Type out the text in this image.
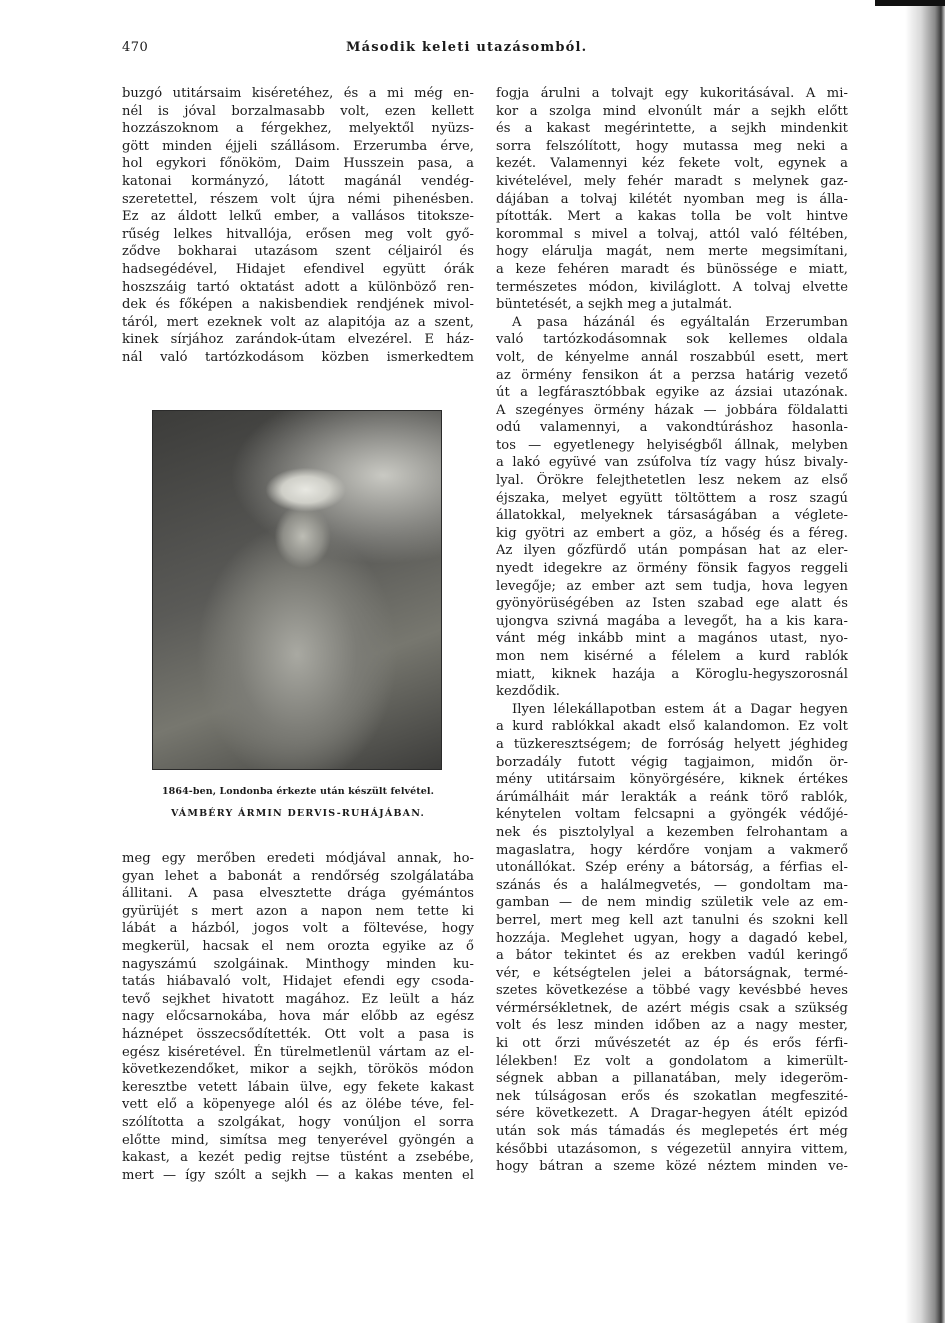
470	Második keleti utazásomból.
buzgó utitársaim kiséretéhez, és a mi még en-
nél is jóval borzalmasabb volt, ezen kellett
hozzászoknom a férgekhez, melyektől nyüzs-
gött minden éjjeli szállásom. Erzerumba érve,
hol egykori főnököm, Daim Husszein pasa, a
katonai kormányzó, látott magánál vendég-
szeretettel, részem volt újra némi pihenésben.
Ez az áldott lelkű ember, a vallásos titoksze-
rűség lelkes hitvallója, erősen meg volt győ-
ződve bokharai utazásom szent céljairól és
hadsegédével, Hidajet efendivel együtt órák
hoszszáig tartó oktatást adott a különböző ren-
dek és főképen a nakisbendiek rendjének mivol-
táról, mert ezeknek volt az alapitója az a szent,
kinek sírjához zarándok-útam elvezérel. E ház-
nál való tartózkodásom közben ismerkedtem
1864-ben, Londonba érkezte után készült felvétel.
VÁMBÉRY ÁRMIN DERVIS-RUHÁJÁBAN.
meg egy merőben eredeti módjával annak, ho-
gyan lehet a babonát a rendőrség szolgálatába
állitani. A pasa elvesztette drága gyémántos
gyürüjét s mert azon a napon nem tette ki
lábát a házból, jogos volt a föltevése, hogy
megkerül, hacsak el nem orozta egyike az ő
nagyszámú szolgáinak. Minthogy minden ku-
tatás hiábavaló volt, Hidajet efendi egy csoda-
tevő sejkhet hivatott magához. Ez leült a ház
nagy előcsarnokába, hova már előbb az egész
háznépet összecsődítették. Ott volt a pasa is
egész kiséretével. Én türelmetlenül vártam az el-
következendőket, mikor a sejkh, törökös módon
keresztbe vetett lábain ülve, egy fekete kakast
vett elő a köpenyege alól és az ölébe téve, fel-
szólította a szolgákat, hogy vonúljon el sorra
előtte mind, simítsa meg tenyerével gyöngén a
kakast, a kezét pedig rejtse tüstént a zsebébe,
mert — így szólt a sejkh — a kakas menten el
fogja árulni a tolvajt egy kukoritásával. A mi-
kor a szolga mind elvonúlt már a sejkh előtt
és a kakast megérintette, a sejkh mindenkit
sorra felszólított, hogy mutassa meg neki a
kezét. Valamennyi kéz fekete volt, egynek a
kivételével, mely fehér maradt s melynek gaz-
dájában a tolvaj kilétét nyomban meg is álla-
pították. Mert a kakas tolla be volt hintve
korommal s mivel a tolvaj, attól való féltében,
hogy elárulja magát, nem merte megsimítani,
a keze fehéren maradt és bünössége e miatt,
természetes módon, kiviláglott. A tolvaj elvette
büntetését, a sejkh meg a jutalmát.
A pasa házánál és egyáltalán Erzerumban
való tartózkodásomnak sok kellemes oldala
volt, de kényelme annál roszabbúl esett, mert
az örmény fensikon át a perzsa határig vezető
út a legfárasztóbbak egyike az ázsiai utazónak.
A szegényes örmény házak — jobbára földalatti
odú valamennyi, a vakondtúráshoz hasonla-
tos — egyetlenegy helyiségből állnak, melyben
a lakó együvé van zsúfolva tíz vagy húsz bivaly-
lyal. Örökre felejthetetlen lesz nekem az első
éjszaka, melyet együtt töltöttem a rosz szagú
állatokkal, melyeknek társaságában a véglete-
kig gyötri az embert a göz, a hőség és a féreg.
Az ilyen gőzfürdő után pompásan hat az eler-
nyedt idegekre az örmény fönsik fagyos reggeli
levegője; az ember azt sem tudja, hova legyen
gyönyörüségében az Isten szabad ege alatt és
ujongva szivná magába a levegőt, ha a kis kara-
vánt még inkább mint a magános utast, nyo-
mon nem kisérné a félelem a kurd rablók
miatt, kiknek hazája a Köroglu-hegyszorosnál
kezdődik.
Ilyen lélekállapotban estem át a Dagar hegyen
a kurd rablókkal akadt első kalandomon. Ez volt
a tüzkeresztségem; de forróság helyett jéghideg
borzadály futott végig tagjaimon, midőn ör-
mény utitársaim könyörgésére, kiknek értékes
árúmálháit már lerakták a reánk törő rablók,
kénytelen voltam felcsapni a gyöngék védőjé-
nek és pisztolylyal a kezemben felrohantam a
magaslatra, hogy kérdőre vonjam a vakmerő
utonállókat. Szép erény a bátorság, a férfias el-
szánás és a halálmegvetés, — gondoltam ma-
gamban — de nem mindig születik vele az em-
berrel, mert meg kell azt tanulni és szokni kell
hozzája. Meglehet ugyan, hogy a dagadó kebel,
a bátor tekintet és az erekben vadúl keringő
vér, e kétségtelen jelei a bátorságnak, termé-
szetes következése a többé vagy kevésbbé heves
vérmérsékletnek, de azért mégis csak a szükség
volt és lesz minden időben az a nagy mester,
ki ott őrzi művészetét az ép és erős férfi-
lélekben! Ez volt a gondolatom a kimerült-
ségnek abban a pillanatában, mely idegeröm-
nek túlságosan erős és szokatlan megfeszité-
sére következett. A Dragar-hegyen átélt epizód
után sok más támadás és meglepetés ért még
későbbi utazásomon, s végezetül annyira vittem,
hogy bátran a szeme közé néztem minden ve-
